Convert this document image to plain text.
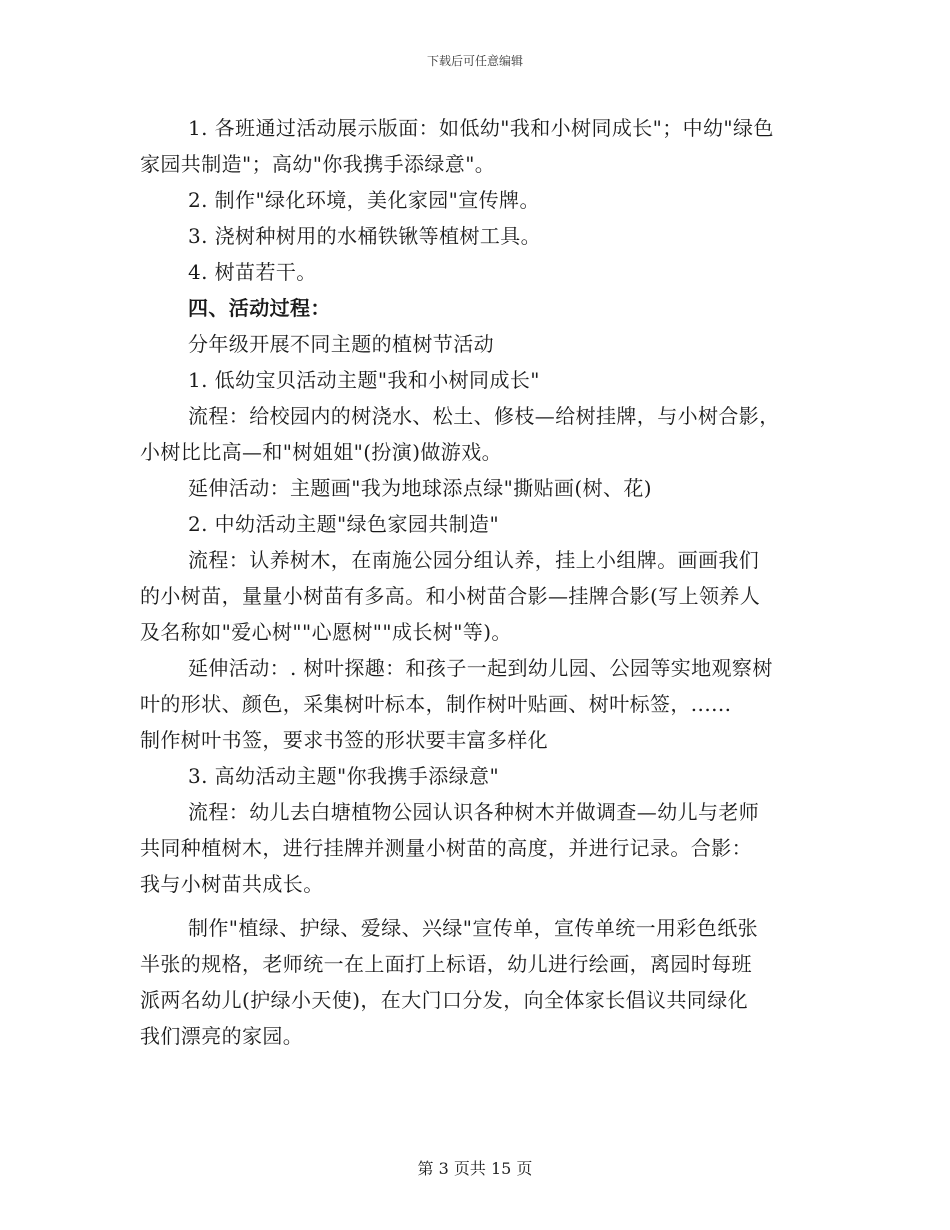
下载后可任意编辑
1. 各班通过活动展示版面：如低幼"我和小树同成长"；中幼"绿色
家园共制造"；高幼"你我携手添绿意"。
2. 制作"绿化环境，美化家园"宣传牌。
3. 浇树种树用的水桶铁锹等植树工具。
4. 树苗若干。
四、活动过程：
分年级开展不同主题的植树节活动
1. 低幼宝贝活动主题"我和小树同成长"
流程：给校园内的树浇水、松土、修枝—给树挂牌，与小树合影，
小树比比高—和"树姐姐"(扮演)做游戏。
延伸活动：主题画"我为地球添点绿"撕贴画(树、花)
2. 中幼活动主题"绿色家园共制造"
流程：认养树木，在南施公园分组认养，挂上小组牌。画画我们
的小树苗，量量小树苗有多高。和小树苗合影—挂牌合影(写上领养人
及名称如"爱心树""心愿树""成长树"等)。
延伸活动：. 树叶探趣：和孩子一起到幼儿园、公园等实地观察树
叶的形状、颜色，采集树叶标本，制作树叶贴画、树叶标签，......
制作树叶书签，要求书签的形状要丰富多样化
3. 高幼活动主题"你我携手添绿意"
流程：幼儿去白塘植物公园认识各种树木并做调查—幼儿与老师
共同种植树木，进行挂牌并测量小树苗的高度，并进行记录。合影：
我与小树苗共成长。
制作"植绿、护绿、爱绿、兴绿"宣传单，宣传单统一用彩色纸张
半张的规格，老师统一在上面打上标语，幼儿进行绘画，离园时每班
派两名幼儿(护绿小天使)，在大门口分发，向全体家长倡议共同绿化
我们漂亮的家园。
第 3 页共 15 页
